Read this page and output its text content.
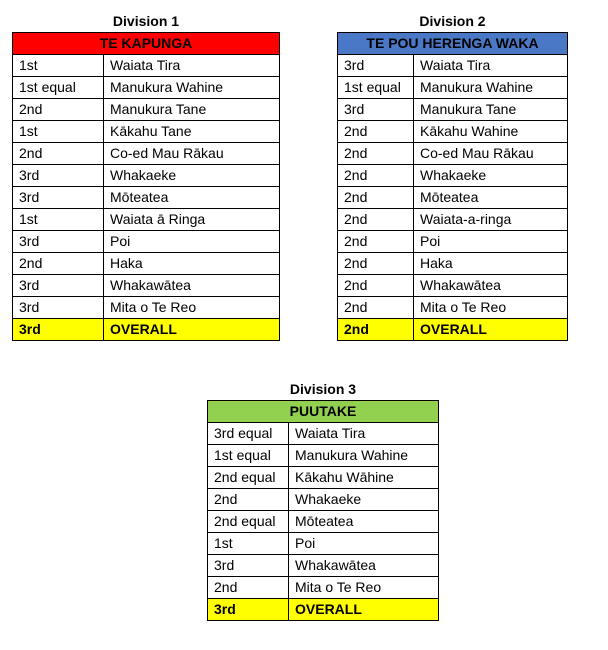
Division 1
TE KAPUNGA	
1st	Waiata Tira
1st equal	Manukura Wahine
2nd	Manukura Tane
1st	Kākahu Tane
2nd	Co-ed Mau Rākau
3rd	Whakaeke
3rd	Mōteatea
1st	Waiata ā Ringa
3rd	Poi
2nd	Haka
3rd	Whakawātea
3rd	Mita o Te Reo
3rd	OVERALL
Division 2
TE POU HERENGA WAKA	
3rd	Waiata Tira
1st equal	Manukura Wahine
3rd	Manukura Tane
2nd	Kākahu Wahine
2nd	Co-ed Mau Rākau
2nd	Whakaeke
2nd	Mōteatea
2nd	Waiata-a-ringa
2nd	Poi
2nd	Haka
2nd	Whakawātea
2nd	Mita o Te Reo
2nd	OVERALL
Division 3
PUUTAKE	
3rd equal	Waiata Tira
1st equal	Manukura Wahine
2nd equal	Kākahu Wāhine
2nd	Whakaeke
2nd equal	Mōteatea
1st	Poi
3rd	Whakawātea
2nd	Mita o Te Reo
3rd	OVERALL
